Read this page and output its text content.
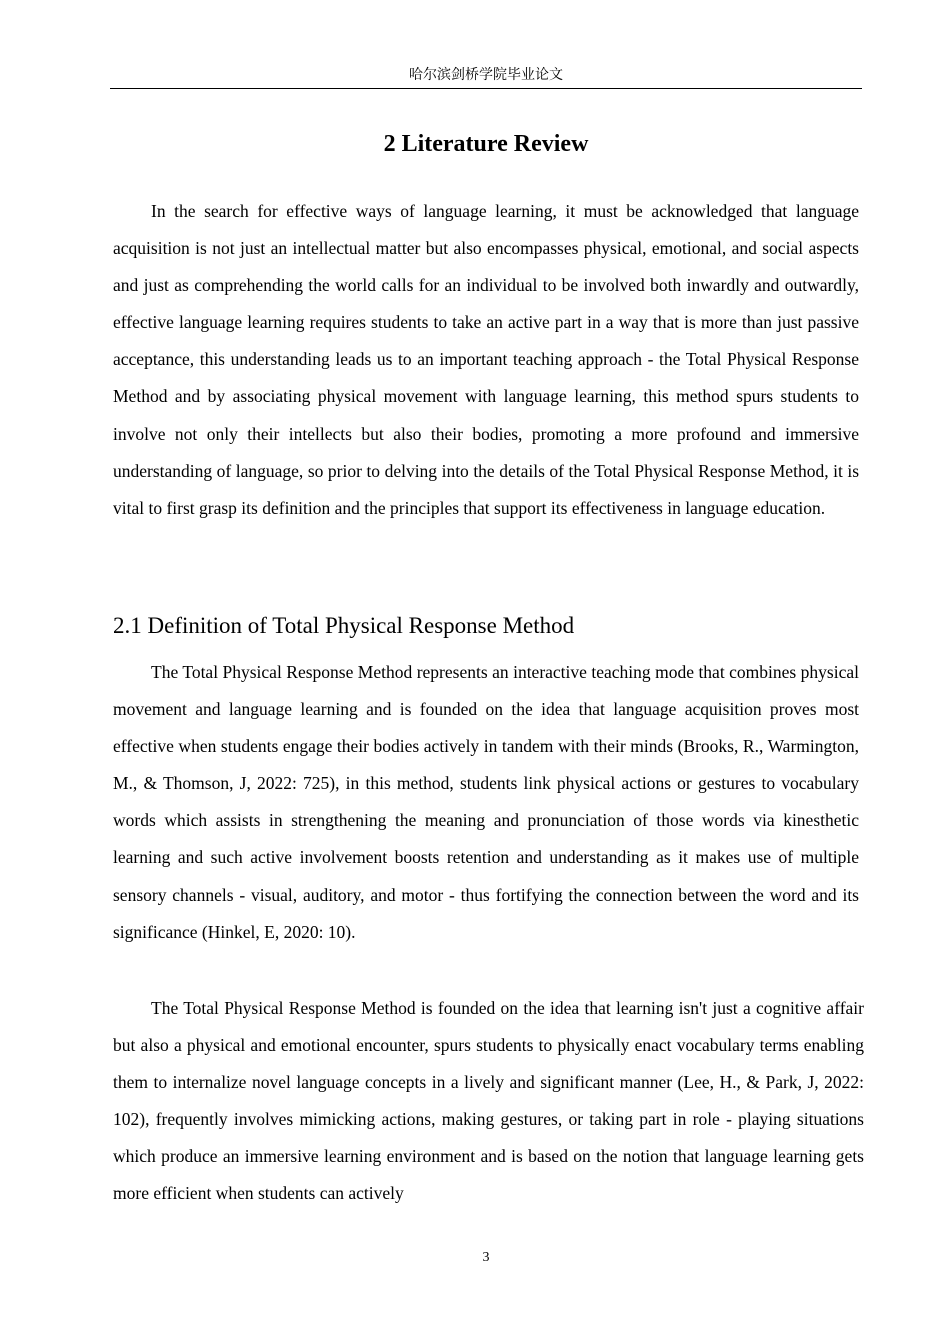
哈尔滨剑桥学院毕业论文
2 Literature Review

In the search for effective ways of language learning, it must be acknowledged that language acquisition is not just an intellectual matter but also encompasses physical, emotional, and social aspects and just as comprehending the world calls for an individual to be involved both inwardly and outwardly, effective language learning requires students to take an active part in a way that is more than just passive acceptance, this understanding leads us to an important teaching approach - the Total Physical Response Method and by associating physical movement with language learning, this method spurs students to involve not only their intellects but also their bodies, promoting a more profound and immersive understanding of language, so prior to delving into the details of the Total Physical Response Method, it is vital to first grasp its definition and the principles that support its effectiveness in language education.

2.1 Definition of Total Physical Response Method

The Total Physical Response Method represents an interactive teaching mode that combines physical movement and language learning and is founded on the idea that language acquisition proves most effective when students engage their bodies actively in tandem with their minds (Brooks, R., Warmington, M., & Thomson, J, 2022: 725), in this method, students link physical actions or gestures to vocabulary words which assists in strengthening the meaning and pronunciation of those words via kinesthetic learning and such active involvement boosts retention and understanding as it makes use of multiple sensory channels - visual, auditory, and motor - thus fortifying the connection between the word and its significance (Hinkel, E, 2020: 10).

The Total Physical Response Method is founded on the idea that learning isn't just a cognitive affair but also a physical and emotional encounter, spurs students to physically enact vocabulary terms enabling them to internalize novel language concepts in a lively and significant manner (Lee, H., & Park, J, 2022: 102), frequently involves mimicking actions, making gestures, or taking part in role - playing situations which produce an immersive learning environment and is based on the notion that language learning gets more efficient when students can actively

3
